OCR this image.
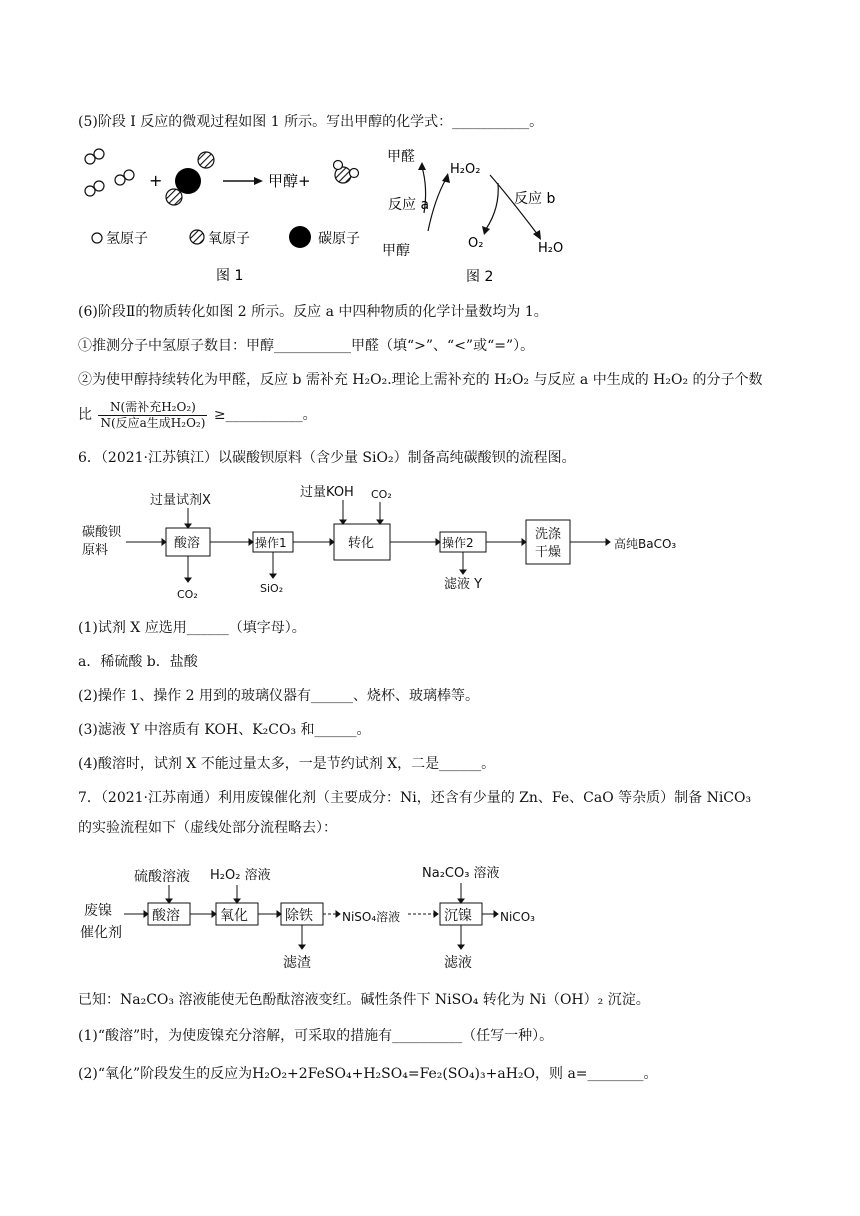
(5)阶段 I 反应的微观过程如图 1 所示。写出甲醇的化学式：___________。
+	甲醇+
氢原子	氧原子	碳原子
图 1
甲醛
H₂O₂
反应 a	反应 b
甲醇	O₂	H₂O
图 2
(6)阶段Ⅱ的物质转化如图 2 所示。反应 a 中四种物质的化学计量数均为 1。
①推测分子中氢原子数目：甲醇___________甲醛（填“>”、“<”或“=”）。
②为使甲醇持续转化为甲醛，反应 b 需补充 H₂O₂.理论上需补充的 H₂O₂ 与反应 a 中生成的 H₂O₂ 的分子个数
比 $\frac{\text{N(需补充H₂O₂)}}{\text{N(反应a生成H₂O₂)}}$ ≥___________。
6．（2021·江苏镇江）以碳酸钡原料（含少量 SiO₂）制备高纯碳酸钡的流程图。
碳酸钡
原料
过量试剂X
过量KOH CO₂
CO₂	SiO₂	滤液 Y
高纯BaCO₃
酸溶	操作1	转化	操作2
洗涤
干燥
(1)试剂 X 应选用______（填字母）。
a．稀硫酸 b．盐酸
(2)操作 1、操作 2 用到的玻璃仪器有______、烧杯、玻璃棒等。
(3)滤液 Y 中溶质有 KOH、K₂CO₃ 和______。
(4)酸溶时，试剂 X 不能过量太多，一是节约试剂 X，二是______。
7．（2021·江苏南通）利用废镍催化剂（主要成分：Ni，还含有少量的 Zn、Fe、CaO 等杂质）制备 NiCO₃
的实验流程如下（虚线处部分流程略去）：
废镍
催化剂
硫酸溶液 H₂O₂ 溶液	Na₂CO₃ 溶液
滤渣	滤液
NiSO₄溶液	NiCO₃
酸溶	氧化	除铁	沉镍
已知：Na₂CO₃ 溶液能使无色酚酞溶液变红。碱性条件下 NiSO₄ 转化为 Ni（OH）₂ 沉淀。
(1)“酸溶”时，为使废镍充分溶解，可采取的措施有__________（任写一种）。
(2)“氧化”阶段发生的反应为H₂O₂+2FeSO₄+H₂SO₄=Fe₂(SO₄)₃+aH₂O，则 a=________。
